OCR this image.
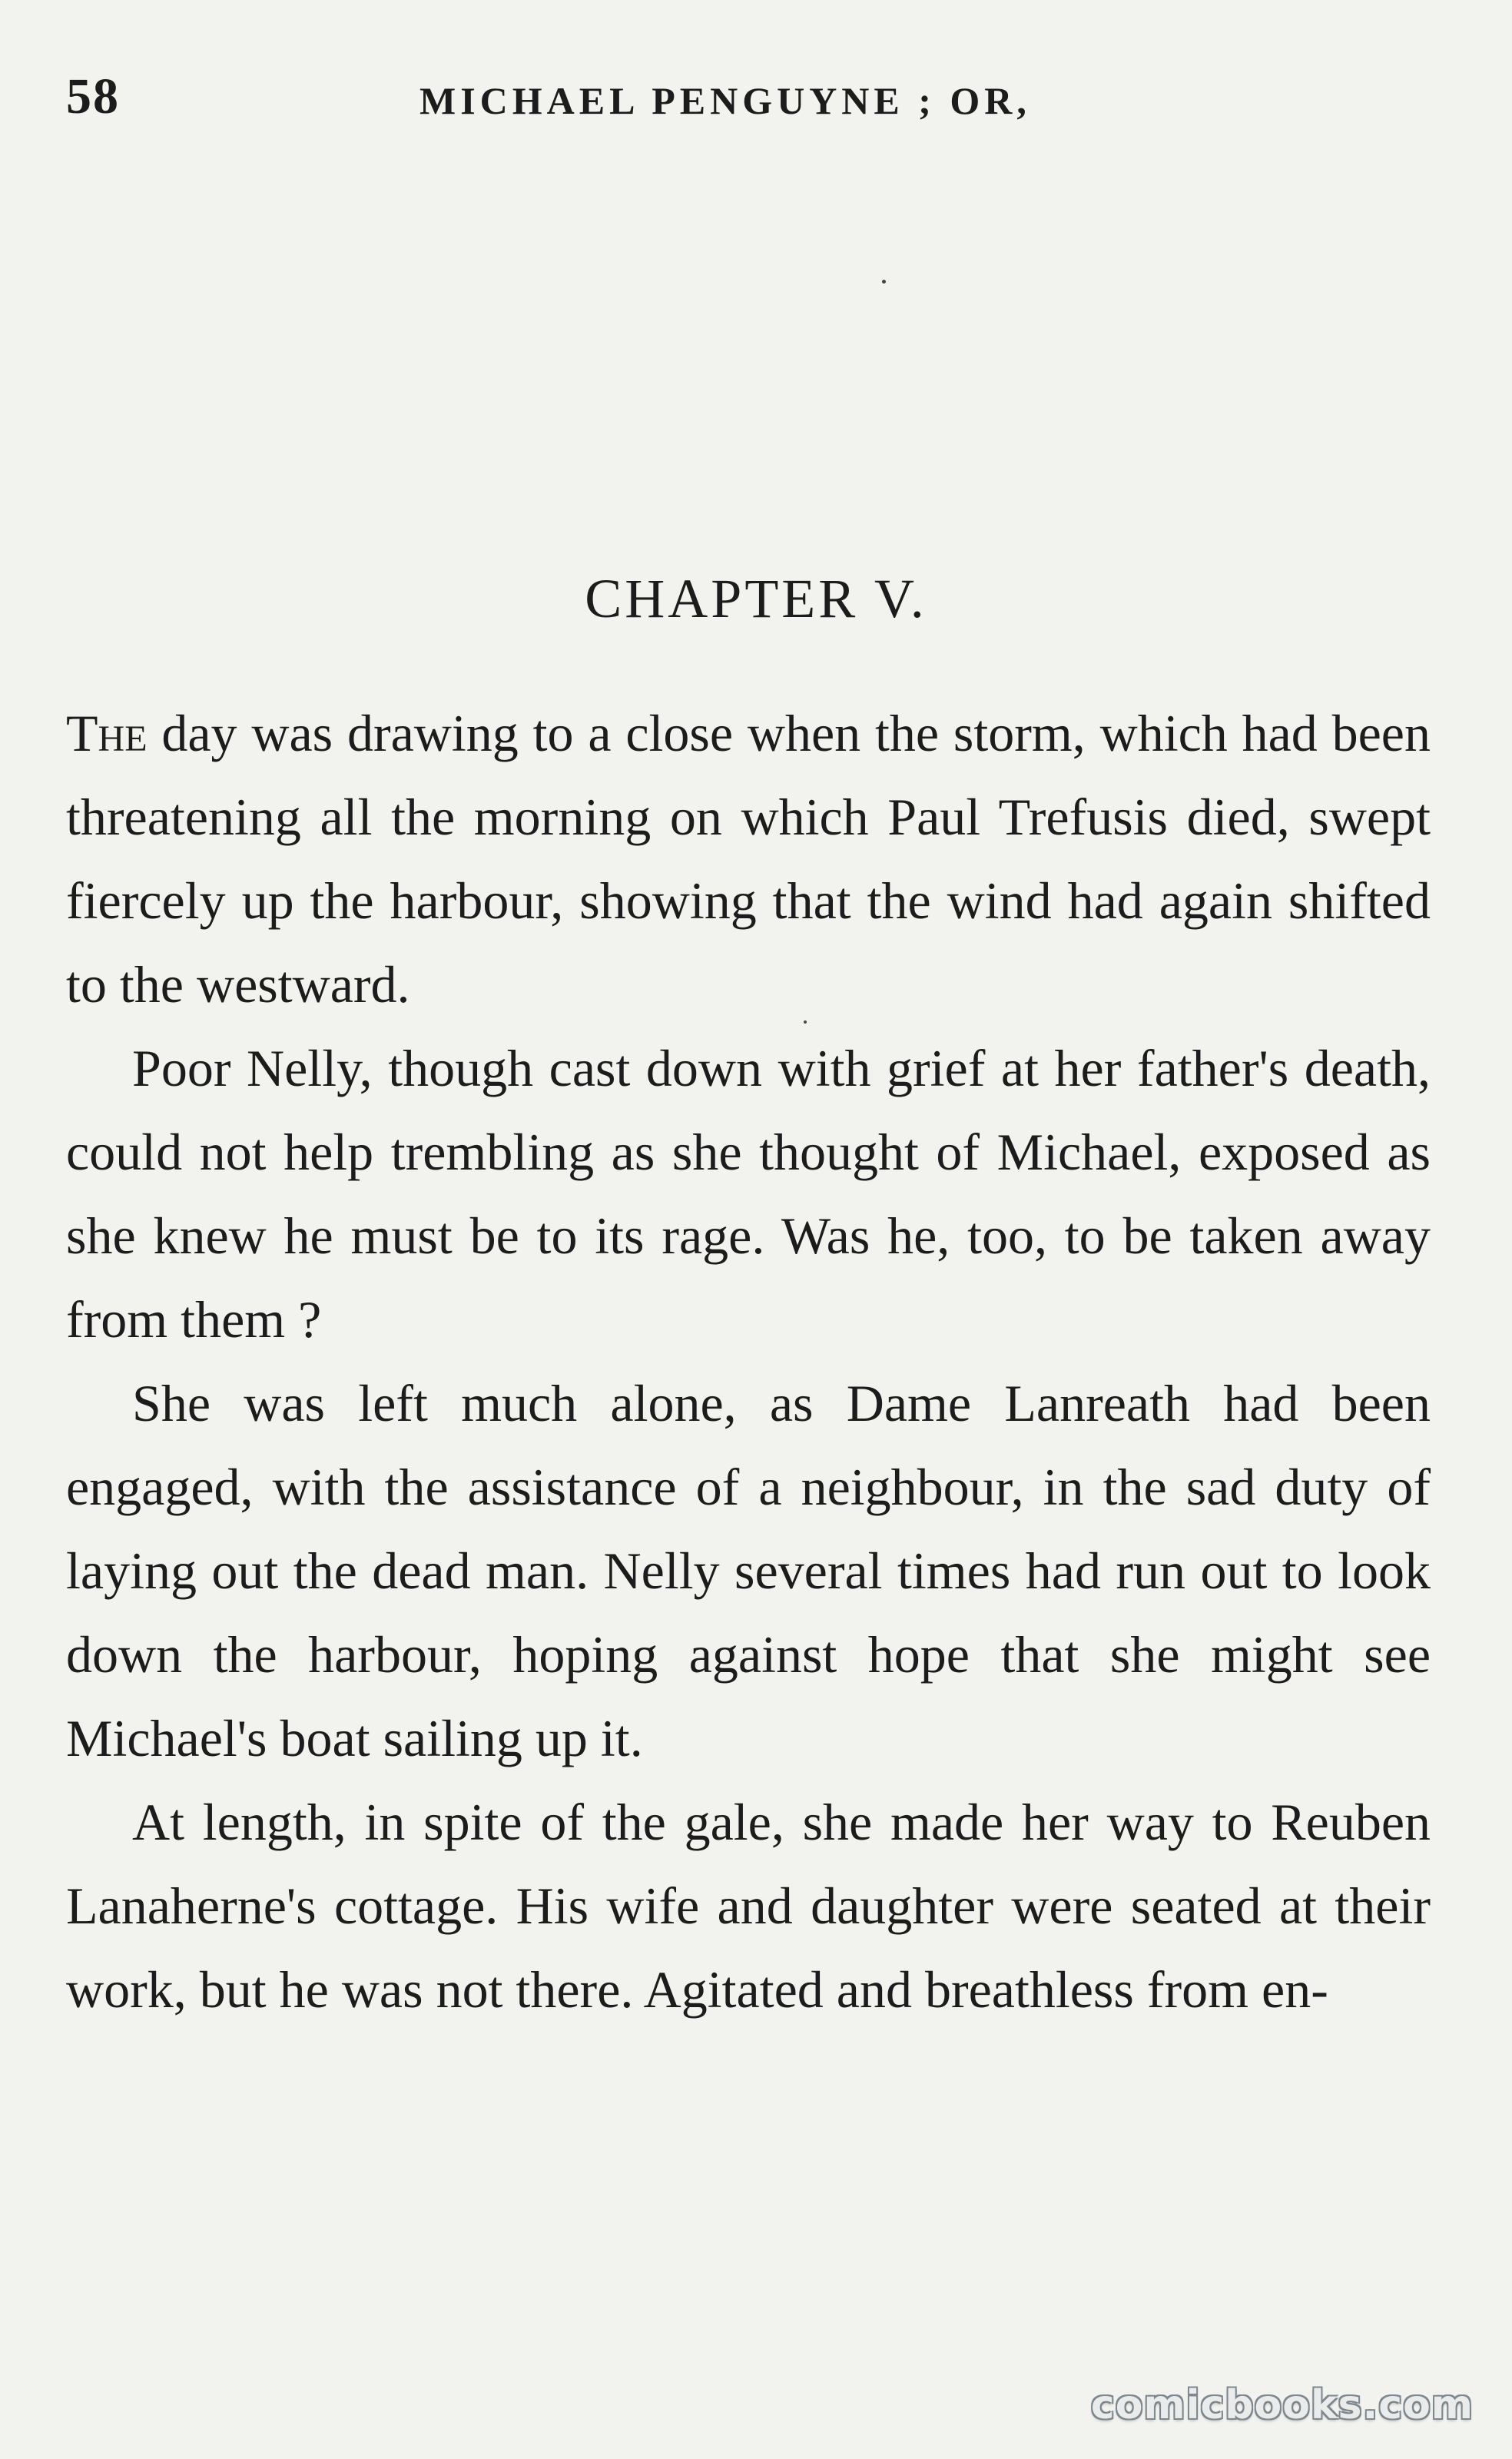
58	MICHAEL PENGUYNE ; OR,
CHAPTER V.

The day was drawing to a close when the storm, which had been threatening all the morning on which Paul Trefusis died, swept fiercely up the harbour, showing that the wind had again shifted to the westward.

Poor Nelly, though cast down with grief at her father's death, could not help trembling as she thought of Michael, exposed as she knew he must be to its rage. Was he, too, to be taken away from them ?

She was left much alone, as Dame Lanreath had been engaged, with the assistance of a neighbour, in the sad duty of laying out the dead man. Nelly several times had run out to look down the harbour, hoping against hope that she might see Michael's boat sailing up it.

At length, in spite of the gale, she made her way to Reuben Lanaherne's cottage. His wife and daughter were seated at their work, but he was not there. Agitated and breathless from en-

comicbooks.com
